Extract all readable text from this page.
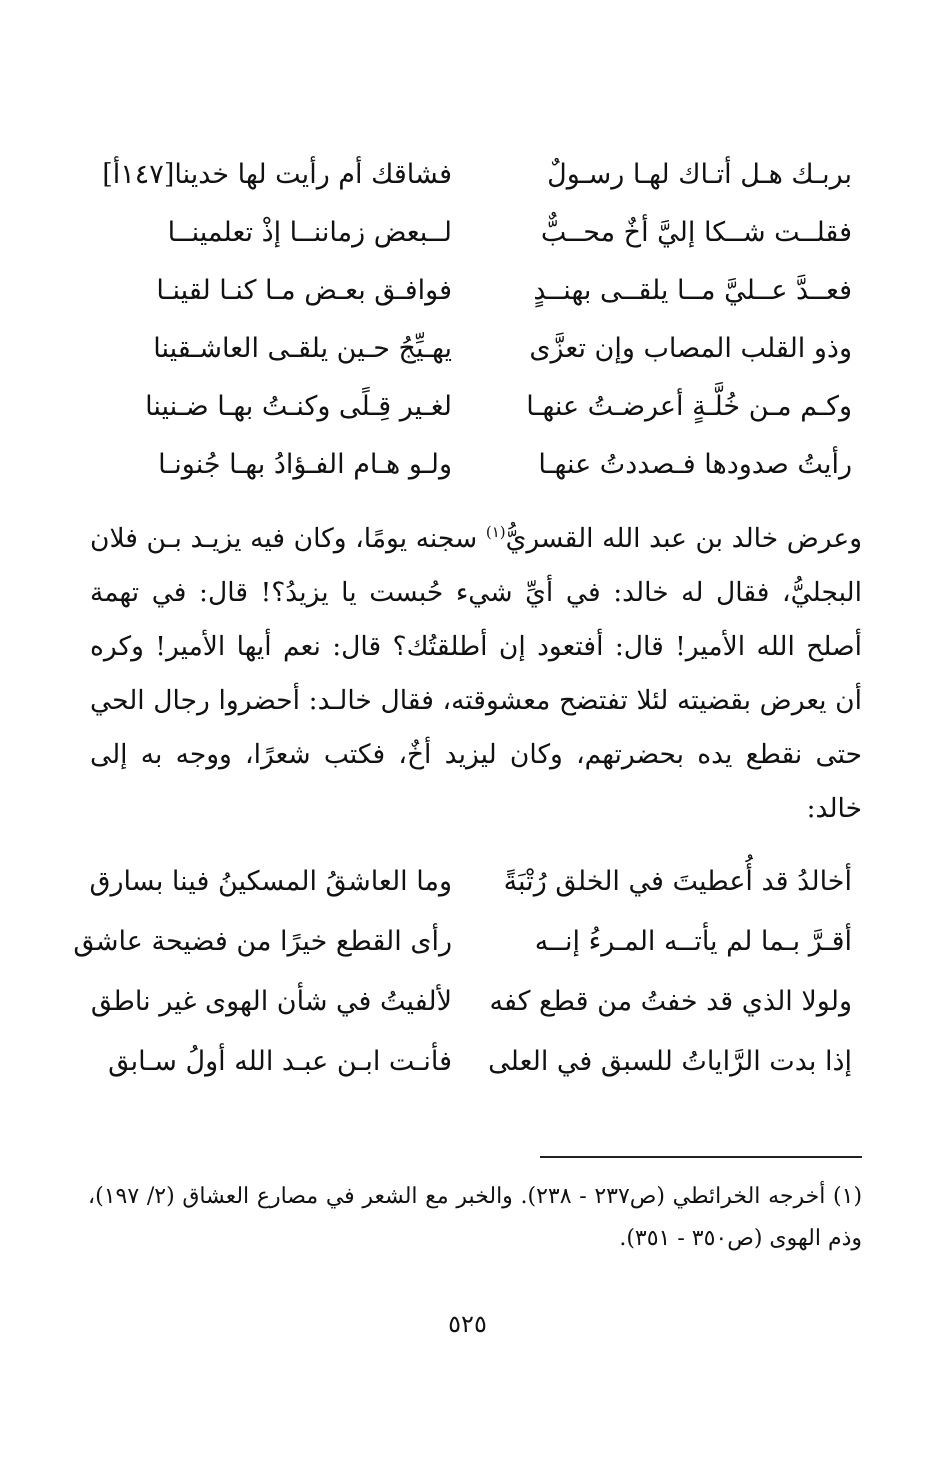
بربـك هـل أتـاك لهـا رسـولٌ
فشاقك أم رأيت لها خدينا[١٤٧أ]
فقلــت شــكا إليَّ أخٌ محــبٌّ
لــبعض زماننــا إذْ تعلمينــا
فعــدَّ عــليَّ مــا يلقــى بهنــدٍ
فوافـق بعـض مـا كنـا لقينـا
وذو القلب المصاب وإن تعزَّى
يهـيِّجُ حـين يلقـى العاشـقينا
وكـم مـن خُلَّـةٍ أعرضـتُ عنهـا
لغـير قِـلًى وكنـتُ بهـا ضـنينا
رأيتُ صدودها فـصددتُ عنهـا
ولـو هـام الفـؤادُ بهـا جُنونـا

وعرض خالد بن عبد الله القسريُّ$^{(١)}$ سجنه يومًا، وكان فيه يزيـد بـن فلان البجليُّ، فقال له خالد: في أيِّ شيء حُبست يا يزيدُ؟! قال: في تهمة أصلح الله الأمير! قال: أفتعود إن أطلقتُك؟ قال: نعم أيها الأمير! وكره أن يعرض بقضيته لئلا تفتضح معشوقته، فقال خالـد: أحضروا رجال الحي حتى نقطع يده بحضرتهم، وكان ليزيد أخٌ، فكتب شعرًا، ووجه به إلى خالد:

أخالدُ قد أُعطيتَ في الخلق رُتْبَةً
وما العاشقُ المسكينُ فينا بسارق
أقـرَّ بـما لم يأتــه المـرءُ إنــه
رأى القطع خيرًا من فضيحة عاشق
ولولا الذي قد خفتُ من قطع كفه
لألفيتُ في شأن الهوى غير ناطق
إذا بدت الرَّاياتُ للسبق في العلى
فأنـت ابـن عبـد الله أولُ سـابق

(١) أخرجه الخرائطي (ص٢٣٧ - ٢٣٨). والخبر مع الشعر في مصارع العشاق (٢/ ١٩٧)، وذم الهوى (ص٣٥٠ - ٣٥١).

٥٢٥
